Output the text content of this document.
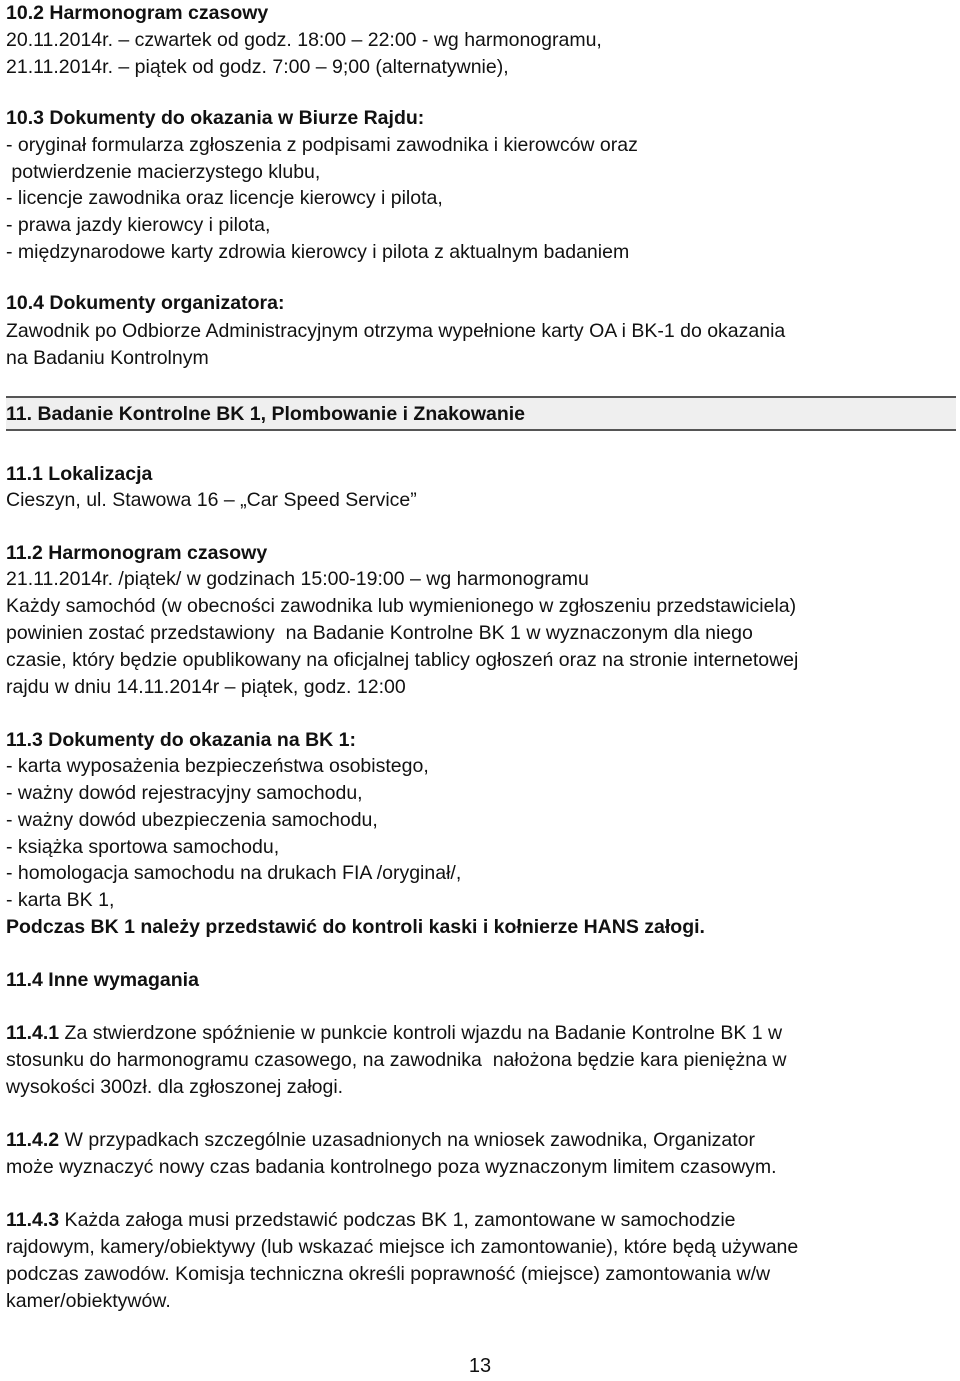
10.2 Harmonogram czasowy
20.11.2014r. – czwartek od godz. 18:00 – 22:00 - wg harmonogramu,
21.11.2014r. – piątek od godz. 7:00 – 9;00 (alternatywnie),
10.3 Dokumenty do okazania w Biurze Rajdu:
- oryginał formularza zgłoszenia z podpisami zawodnika i kierowców oraz
potwierdzenie macierzystego klubu,
- licencje zawodnika oraz licencje kierowcy i pilota,
- prawa jazdy kierowcy i pilota,
- międzynarodowe karty zdrowia kierowcy i pilota z aktualnym badaniem
10.4 Dokumenty organizatora:
Zawodnik po Odbiorze Administracyjnym otrzyma wypełnione karty OA i BK-1 do okazania
na Badaniu Kontrolnym
11. Badanie Kontrolne BK 1, Plombowanie i Znakowanie
11.1 Lokalizacja
Cieszyn, ul. Stawowa 16 – „Car Speed Service”
11.2 Harmonogram czasowy
21.11.2014r. /piątek/ w godzinach 15:00-19:00 – wg harmonogramu
Każdy samochód (w obecności zawodnika lub wymienionego w zgłoszeniu przedstawiciela)
powinien zostać przedstawiony  na Badanie Kontrolne BK 1 w wyznaczonym dla niego
czasie, który będzie opublikowany na oficjalnej tablicy ogłoszeń oraz na stronie internetowej
rajdu w dniu 14.11.2014r – piątek, godz. 12:00
11.3 Dokumenty do okazania na BK 1:
- karta wyposażenia bezpieczeństwa osobistego,
- ważny dowód rejestracyjny samochodu,
- ważny dowód ubezpieczenia samochodu,
- książka sportowa samochodu,
- homologacja samochodu na drukach FIA /oryginał/,
- karta BK 1,
Podczas BK 1 należy przedstawić do kontroli kaski i kołnierze HANS załogi.
11.4 Inne wymagania
11.4.1 Za stwierdzone spóźnienie w punkcie kontroli wjazdu na Badanie Kontrolne BK 1 w
stosunku do harmonogramu czasowego, na zawodnika  nałożona będzie kara pieniężna w
wysokości 300zł. dla zgłoszonej załogi.
11.4.2 W przypadkach szczególnie uzasadnionych na wniosek zawodnika, Organizator
może wyznaczyć nowy czas badania kontrolnego poza wyznaczonym limitem czasowym.
11.4.3 Każda załoga musi przedstawić podczas BK 1, zamontowane w samochodzie
rajdowym, kamery/obiektywy (lub wskazać miejsce ich zamontowanie), które będą używane
podczas zawodów. Komisja techniczna określi poprawność (miejsce) zamontowania w/w
kamer/obiektywów.
13
